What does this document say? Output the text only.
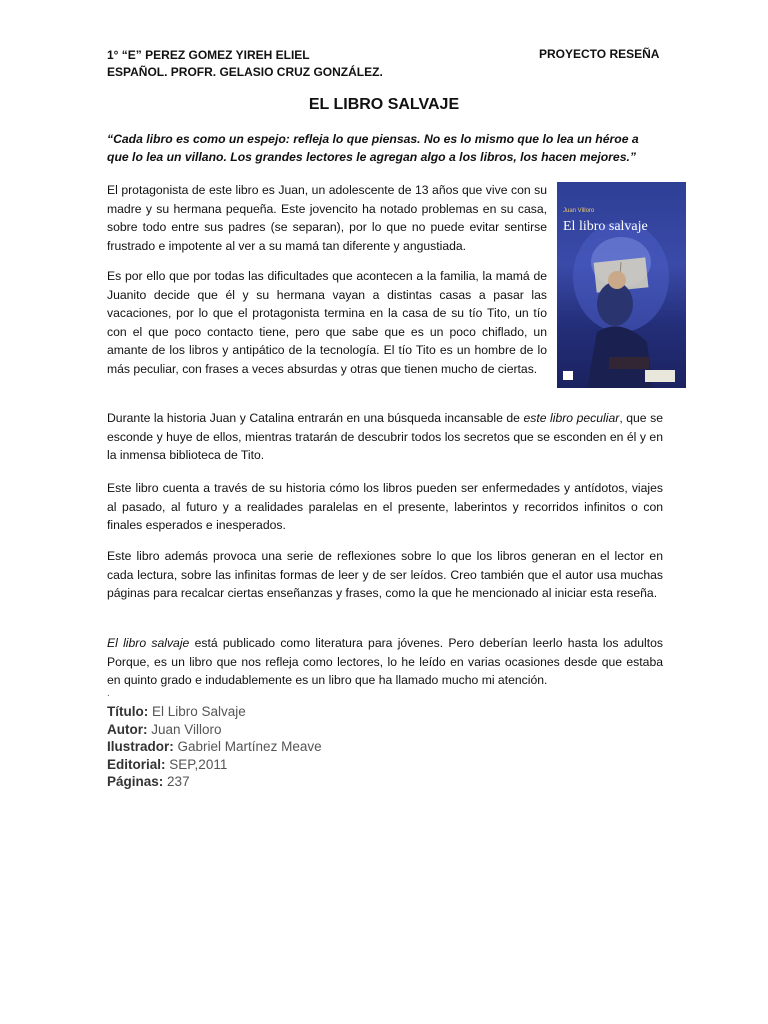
1° “E” PEREZ GOMEZ YIREH ELIEL
ESPAÑOL. PROFR. GELASIO CRUZ GONZÁLEZ.
PROYECTO RESEÑA
EL LIBRO SALVAJE
“Cada libro es como un espejo: refleja lo que piensas. No es lo mismo que lo lea un héroe a que lo lea un villano. Los grandes lectores le agregan algo a los libros, los hacen mejores.”
El protagonista de este libro es Juan, un adolescente de 13 años que vive con su madre y su hermana pequeña. Este jovencito ha notado problemas en su casa, sobre todo entre sus padres (se separan), por lo que no puede evitar sentirse frustrado e impotente al ver a su mamá tan diferente y angustiada.
Es por ello que por todas las dificultades que acontecen a la familia, la mamá de Juanito decide que él y su hermana vayan a distintas casas a pasar las vacaciones, por lo que el protagonista termina en la casa de su tío Tito, un tío con el que poco contacto tiene, pero que sabe que es un poco chiflado, un amante de los libros y antipático de la tecnología. El tío Tito es un hombre de lo más peculiar, con frases a veces absurdas y otras que tienen mucho de ciertas.
Juan Villoro
El libro salvaje
Durante la historia Juan y Catalina entrarán en una búsqueda incansable de este libro peculiar, que se esconde y huye de ellos, mientras tratarán de descubrir todos los secretos que se esconden en él y en la inmensa biblioteca de Tito.
Este libro cuenta a través de su historia cómo los libros pueden ser enfermedades y antídotos, viajes al pasado, al futuro y a realidades paralelas en el presente, laberintos y recorridos infinitos o con finales esperados e inesperados.
Este libro además provoca una serie de reflexiones sobre lo que los libros generan en el lector en cada lectura, sobre las infinitas formas de leer y de ser leídos. Creo también que el autor usa muchas páginas para recalcar ciertas enseñanzas y frases, como la que he mencionado al iniciar esta reseña.
El libro salvaje está publicado como literatura para jóvenes. Pero deberían leerlo hasta los adultos Porque, es un libro que nos refleja como lectores, lo he leído en varias ocasiones desde que estaba en quinto grado e indudablemente es un libro que ha llamado mucho mi atención.
.
Título: El Libro Salvaje
Autor: Juan Villoro
Ilustrador: Gabriel Martínez Meave
Editorial: SEP,2011
Páginas: 237
